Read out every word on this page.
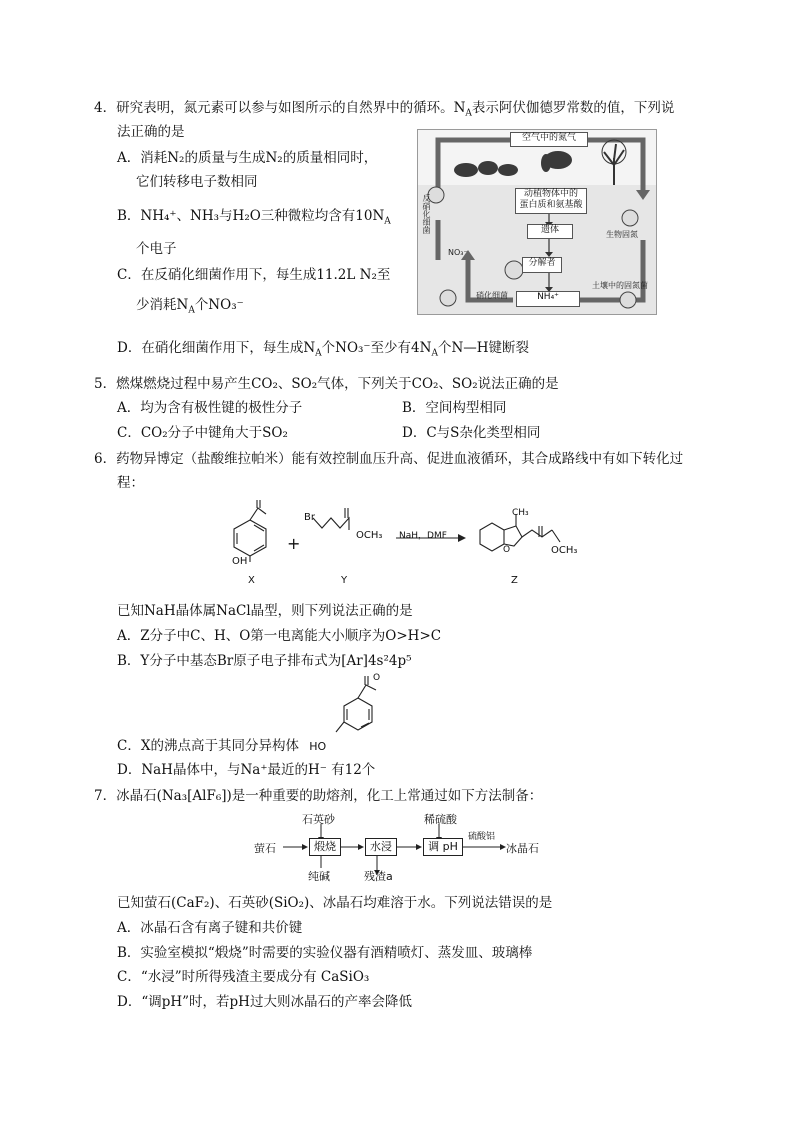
4．研究表明，氮元素可以参与如图所示的自然界中的循环。$N_A$表示阿伏伽德罗常数的值，下列说
法正确的是
A．消耗N₂的质量与生成N₂的质量相同时，
它们转移电子数相同
B．NH₄⁺、NH₃与H₂O三种微粒均含有$10N_A$
个电子
C．在反硝化细菌作用下，每生成11.2L N₂至
少消耗$N_A$个NO₃⁻
D．在硝化细菌作用下，每生成$N_A$个NO₃⁻至少有$4N_A$个N—H键断裂
空气中的氮气
动植物体中的
蛋白质和氨基酸
遗体
分解者
NH₄⁺
NO₃⁻
反硝化细菌
硝化细菌
生物固氮
土壤中的固氮菌
5．燃煤燃烧过程中易产生CO₂、SO₂气体，下列关于CO₂、SO₂说法正确的是
A．均为含有极性键的极性分子	B．空间构型相同
C．CO₂分子中键角大于SO₂	D．C与S杂化类型相同
6．药物异博定（盐酸维拉帕米）能有效控制血压升高、促进血液循环，其合成路线中有如下转化过
程：
OH
+
Br
OCH₃ NaH，DMF
CH₃
O	OCH₃
X	Y	Z
已知NaH晶体属NaCl晶型，则下列说法正确的是
A．Z分子中C、H、O第一电离能大小顺序为O>H>C
B．Y分子中基态Br原子电子排布式为[Ar]4s²4p⁵
O
C．X的沸点高于其同分异构体 HO
D．NaH晶体中，与Na⁺最近的H⁻ 有12个
7．冰晶石(Na₃[AlF₆])是一种重要的助熔剂，化工上常通过如下方法制备：
萤石	煅烧	水浸	调 pH	冰晶石
石英砂
纯碱	残渣a
稀硫酸
硫酸铝
已知萤石(CaF₂)、石英砂(SiO₂)、冰晶石均难溶于水。下列说法错误的是
A．冰晶石含有离子键和共价键
B．实验室模拟“煅烧”时需要的实验仪器有酒精喷灯、蒸发皿、玻璃棒
C．“水浸”时所得残渣主要成分有 CaSiO₃
D．“调pH”时，若pH过大则冰晶石的产率会降低
